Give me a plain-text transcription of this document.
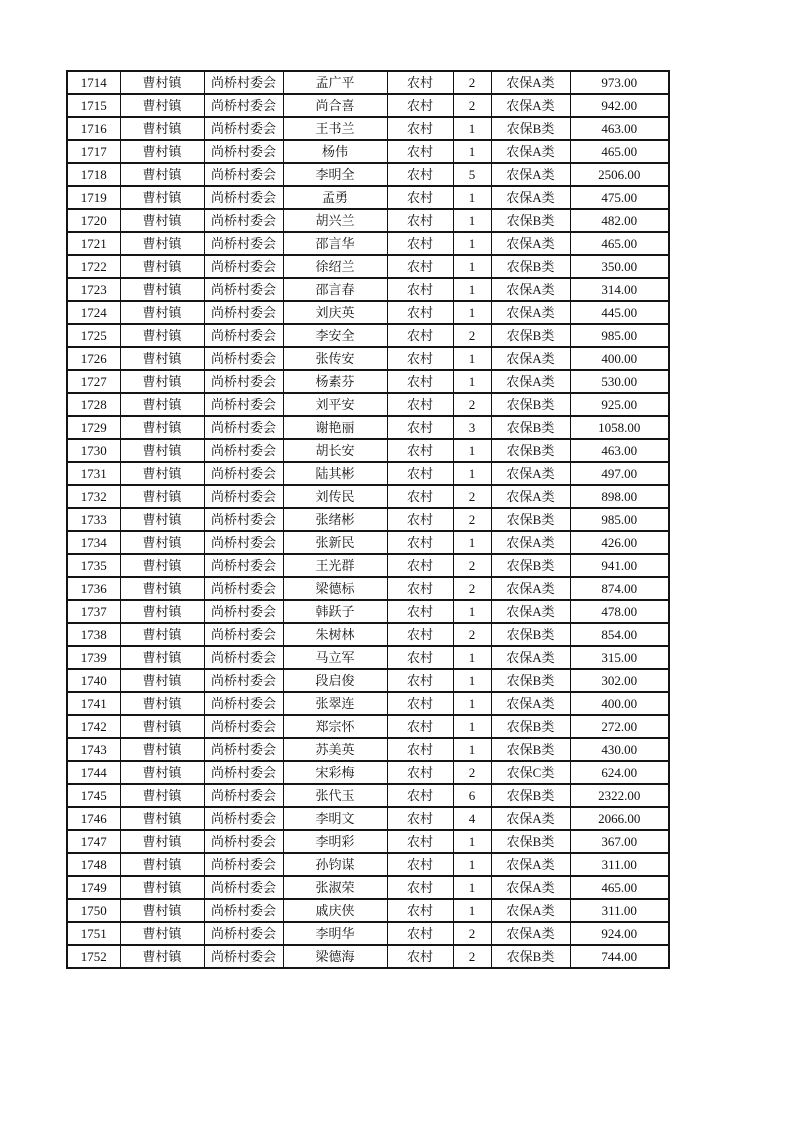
1714	曹村镇	尚桥村委会	孟广平	农村	2	农保A类	973.00
1715	曹村镇	尚桥村委会	尚合喜	农村	2	农保A类	942.00
1716	曹村镇	尚桥村委会	王书兰	农村	1	农保B类	463.00
1717	曹村镇	尚桥村委会	杨伟	农村	1	农保A类	465.00
1718	曹村镇	尚桥村委会	李明全	农村	5	农保A类	2506.00
1719	曹村镇	尚桥村委会	孟勇	农村	1	农保A类	475.00
1720	曹村镇	尚桥村委会	胡兴兰	农村	1	农保B类	482.00
1721	曹村镇	尚桥村委会	邵言华	农村	1	农保A类	465.00
1722	曹村镇	尚桥村委会	徐绍兰	农村	1	农保B类	350.00
1723	曹村镇	尚桥村委会	邵言春	农村	1	农保A类	314.00
1724	曹村镇	尚桥村委会	刘庆英	农村	1	农保A类	445.00
1725	曹村镇	尚桥村委会	李安全	农村	2	农保B类	985.00
1726	曹村镇	尚桥村委会	张传安	农村	1	农保A类	400.00
1727	曹村镇	尚桥村委会	杨素芬	农村	1	农保A类	530.00
1728	曹村镇	尚桥村委会	刘平安	农村	2	农保B类	925.00
1729	曹村镇	尚桥村委会	谢艳丽	农村	3	农保B类	1058.00
1730	曹村镇	尚桥村委会	胡长安	农村	1	农保B类	463.00
1731	曹村镇	尚桥村委会	陆其彬	农村	1	农保A类	497.00
1732	曹村镇	尚桥村委会	刘传民	农村	2	农保A类	898.00
1733	曹村镇	尚桥村委会	张绪彬	农村	2	农保B类	985.00
1734	曹村镇	尚桥村委会	张新民	农村	1	农保A类	426.00
1735	曹村镇	尚桥村委会	王光群	农村	2	农保B类	941.00
1736	曹村镇	尚桥村委会	梁德标	农村	2	农保A类	874.00
1737	曹村镇	尚桥村委会	韩跃子	农村	1	农保A类	478.00
1738	曹村镇	尚桥村委会	朱树林	农村	2	农保B类	854.00
1739	曹村镇	尚桥村委会	马立军	农村	1	农保A类	315.00
1740	曹村镇	尚桥村委会	段启俊	农村	1	农保B类	302.00
1741	曹村镇	尚桥村委会	张翠连	农村	1	农保A类	400.00
1742	曹村镇	尚桥村委会	郑宗怀	农村	1	农保B类	272.00
1743	曹村镇	尚桥村委会	苏美英	农村	1	农保B类	430.00
1744	曹村镇	尚桥村委会	宋彩梅	农村	2	农保C类	624.00
1745	曹村镇	尚桥村委会	张代玉	农村	6	农保B类	2322.00
1746	曹村镇	尚桥村委会	李明文	农村	4	农保A类	2066.00
1747	曹村镇	尚桥村委会	李明彩	农村	1	农保B类	367.00
1748	曹村镇	尚桥村委会	孙钧谋	农村	1	农保A类	311.00
1749	曹村镇	尚桥村委会	张淑荣	农村	1	农保A类	465.00
1750	曹村镇	尚桥村委会	戚庆侠	农村	1	农保A类	311.00
1751	曹村镇	尚桥村委会	李明华	农村	2	农保A类	924.00
1752	曹村镇	尚桥村委会	梁德海	农村	2	农保B类	744.00
